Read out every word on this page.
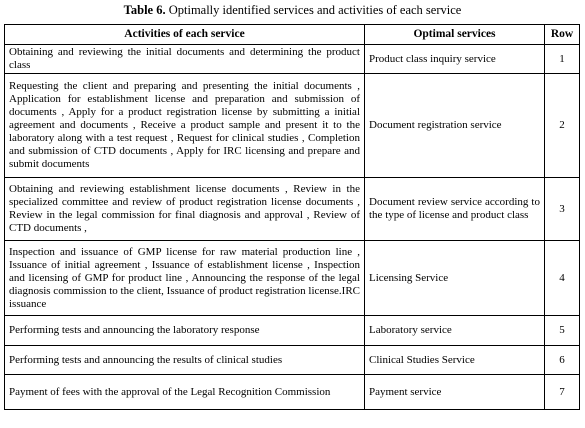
Table 6. Optimally identified services and activities of each service
Activities of each service	Optimal services	Row
Obtaining and reviewing the initial documents and determining the product class	Product class inquiry service	1
Requesting the client and preparing and presenting the initial documents , Application for establishment license and preparation and submission of documents , Apply for a product registration license by submitting a initial agreement and documents , Receive a product sample and present it to the laboratory along with a test request , Request for clinical studies , Completion and submission of CTD documents , Apply for IRC licensing and prepare and submit documents	Document registration service	2
Obtaining and reviewing establishment license documents , Review in the specialized committee and review of product registration license documents , Review in the legal commission for final diagnosis and approval , Review of CTD documents ,	Document review service according to the type of license and product class	3
Inspection and issuance of GMP license for raw material production line , Issuance of initial agreement , Issuance of establishment license , Inspection and licensing of GMP for product line , Announcing the response of the legal diagnosis commission to the client, Issuance of product registration license.IRC issuance	Licensing Service	4
Performing tests and announcing the laboratory response	Laboratory service	5
Performing tests and announcing the results of clinical studies	Clinical Studies Service	6
Payment of fees with the approval of the Legal Recognition Commission	Payment service	7
